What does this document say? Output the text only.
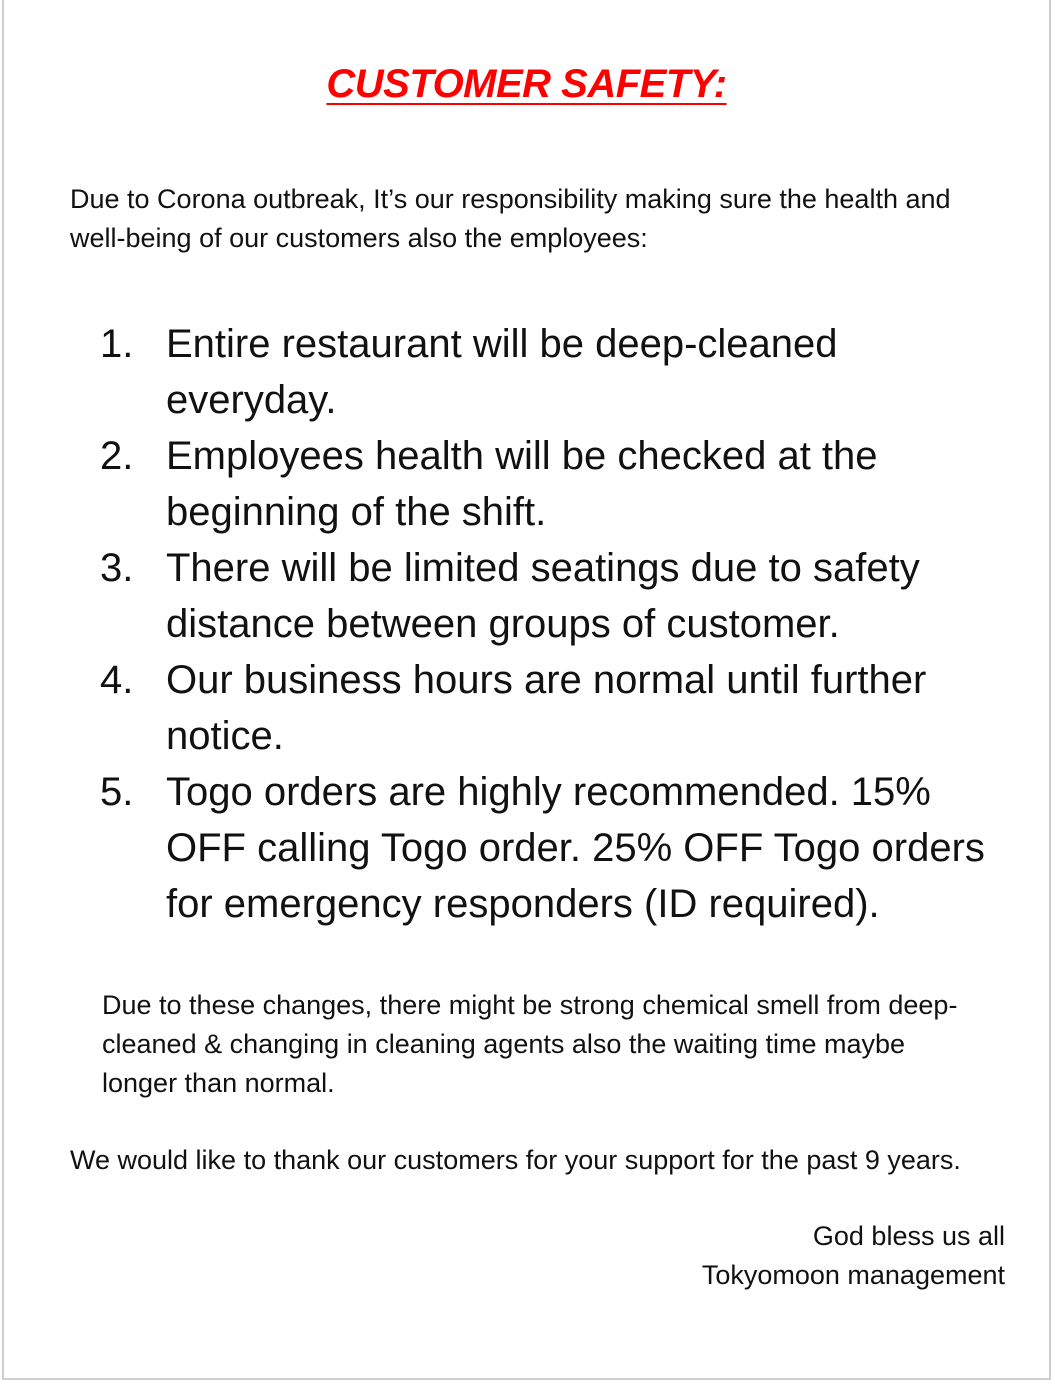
CUSTOMER SAFETY:
Due to Corona outbreak, It’s our responsibility making sure the health and well-being of our customers also the employees:
1. Entire restaurant will be deep-cleaned everyday.
2. Employees health will be checked at the beginning of the shift.
3. There will be limited seatings due to safety distance between groups of customer.
4. Our business hours are normal until further notice.
5. Togo orders are highly recommended. 15% OFF calling Togo order. 25% OFF Togo orders for emergency responders (ID required).
Due to these changes, there might be strong chemical smell from deep-cleaned & changing in cleaning agents also the waiting time maybe longer than normal.
We would like to thank our customers for your support for the past 9 years.
God bless us all
Tokyomoon management
